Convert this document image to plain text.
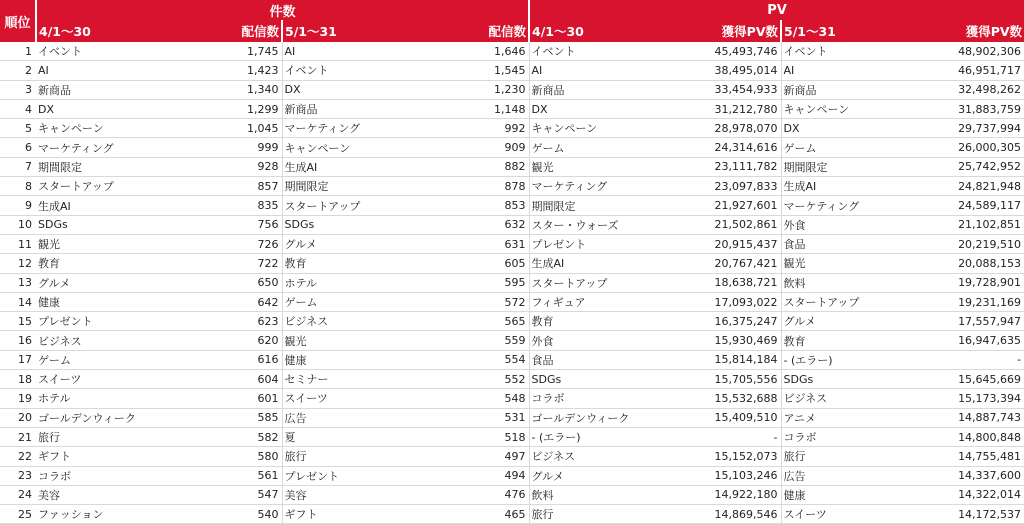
順位	件数				PV			
	4/1〜30	配信数	5/1〜31	配信数	4/1〜30	獲得PV数	5/1〜31	獲得PV数
1	イベント	1,745	AI	1,646	イベント	45,493,746	イベント	48,902,306
2	AI	1,423	イベント	1,545	AI	38,495,014	AI	46,951,717
3	新商品	1,340	DX	1,230	新商品	33,454,933	新商品	32,498,262
4	DX	1,299	新商品	1,148	DX	31,212,780	キャンペーン	31,883,759
5	キャンペーン	1,045	マーケティング	992	キャンペーン	28,978,070	DX	29,737,994
6	マーケティング	999	キャンペーン	909	ゲーム	24,314,616	ゲーム	26,000,305
7	期間限定	928	生成AI	882	観光	23,111,782	期間限定	25,742,952
8	スタートアップ	857	期間限定	878	マーケティング	23,097,833	生成AI	24,821,948
9	生成AI	835	スタートアップ	853	期間限定	21,927,601	マーケティング	24,589,117
10	SDGs	756	SDGs	632	スター・ウォーズ	21,502,861	外食	21,102,851
11	観光	726	グルメ	631	プレゼント	20,915,437	食品	20,219,510
12	教育	722	教育	605	生成AI	20,767,421	観光	20,088,153
13	グルメ	650	ホテル	595	スタートアップ	18,638,721	飲料	19,728,901
14	健康	642	ゲーム	572	フィギュア	17,093,022	スタートアップ	19,231,169
15	プレゼント	623	ビジネス	565	教育	16,375,247	グルメ	17,557,947
16	ビジネス	620	観光	559	外食	15,930,469	教育	16,947,635
17	ゲーム	616	健康	554	食品	15,814,184	- (エラー)	-
18	スイーツ	604	セミナー	552	SDGs	15,705,556	SDGs	15,645,669
19	ホテル	601	スイーツ	548	コラボ	15,532,688	ビジネス	15,173,394
20	ゴールデンウィーク	585	広告	531	ゴールデンウィーク	15,409,510	アニメ	14,887,743
21	旅行	582	夏	518	- (エラー)	-	コラボ	14,800,848
22	ギフト	580	旅行	497	ビジネス	15,152,073	旅行	14,755,481
23	コラボ	561	プレゼント	494	グルメ	15,103,246	広告	14,337,600
24	美容	547	美容	476	飲料	14,922,180	健康	14,322,014
25	ファッション	540	ギフト	465	旅行	14,869,546	スイーツ	14,172,537
